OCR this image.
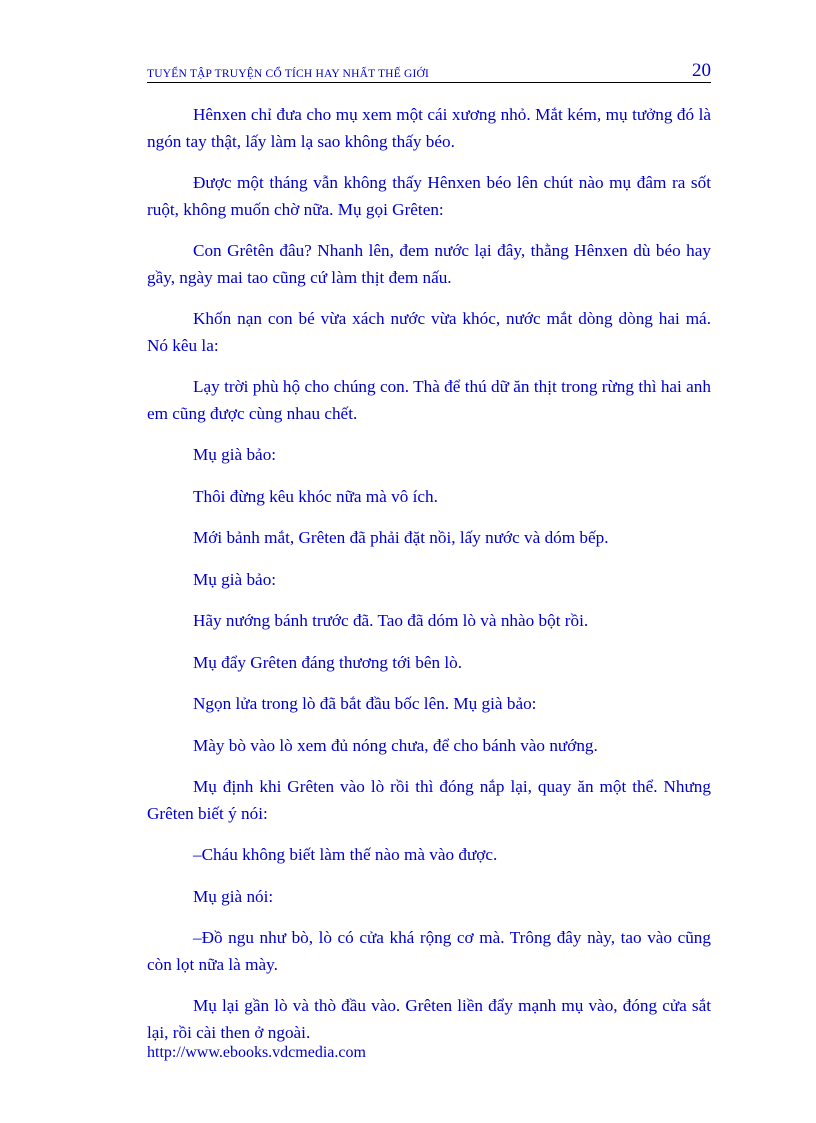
TUYỂN TẬP TRUYỆN CỔ TÍCH HAY NHẤT THẾ GIỚI	20

Hênxen chỉ đưa cho mụ xem một cái xương nhỏ. Mắt kém, mụ tưởng đó là ngón tay thật, lấy làm lạ sao không thấy béo.

Được một tháng vẫn không thấy Hênxen béo lên chút nào mụ đâm ra sốt ruột, không muốn chờ nữa. Mụ gọi Grêten:

Con Grêtên đâu? Nhanh lên, đem nước lại đây, thằng Hênxen dù béo hay gầy, ngày mai tao cũng cứ làm thịt đem nấu.

Khốn nạn con bé vừa xách nước vừa khóc, nước mắt dòng dòng hai má. Nó kêu la:

Lạy trời phù hộ cho chúng con. Thà để thú dữ ăn thịt trong rừng thì hai anh em cũng được cùng nhau chết.

Mụ già bảo:

Thôi đừng kêu khóc nữa mà vô ích.

Mới bảnh mắt, Grêten đã phải đặt nồi, lấy nước và dóm bếp.

Mụ già bảo:

Hãy nướng bánh trước đã. Tao đã dóm lò và nhào bột rồi.

Mụ đẩy Grêten đáng thương tới bên lò.

Ngọn lửa trong lò đã bắt đầu bốc lên. Mụ già bảo:

Mày bò vào lò xem đủ nóng chưa, để cho bánh vào nướng.

Mụ định khi Grêten vào lò rồi thì đóng nắp lại, quay ăn một thể. Nhưng Grêten biết ý nói:

–Cháu không biết làm thế nào mà vào được.

Mụ già nói:

–Đồ ngu như bò, lò có cửa khá rộng cơ mà. Trông đây này, tao vào cũng còn lọt nữa là mày.

Mụ lại gần lò và thò đầu vào. Grêten liền đẩy mạnh mụ vào, đóng cửa sắt lại, rồi cài then ở ngoài.

http://www.ebooks.vdcmedia.com
